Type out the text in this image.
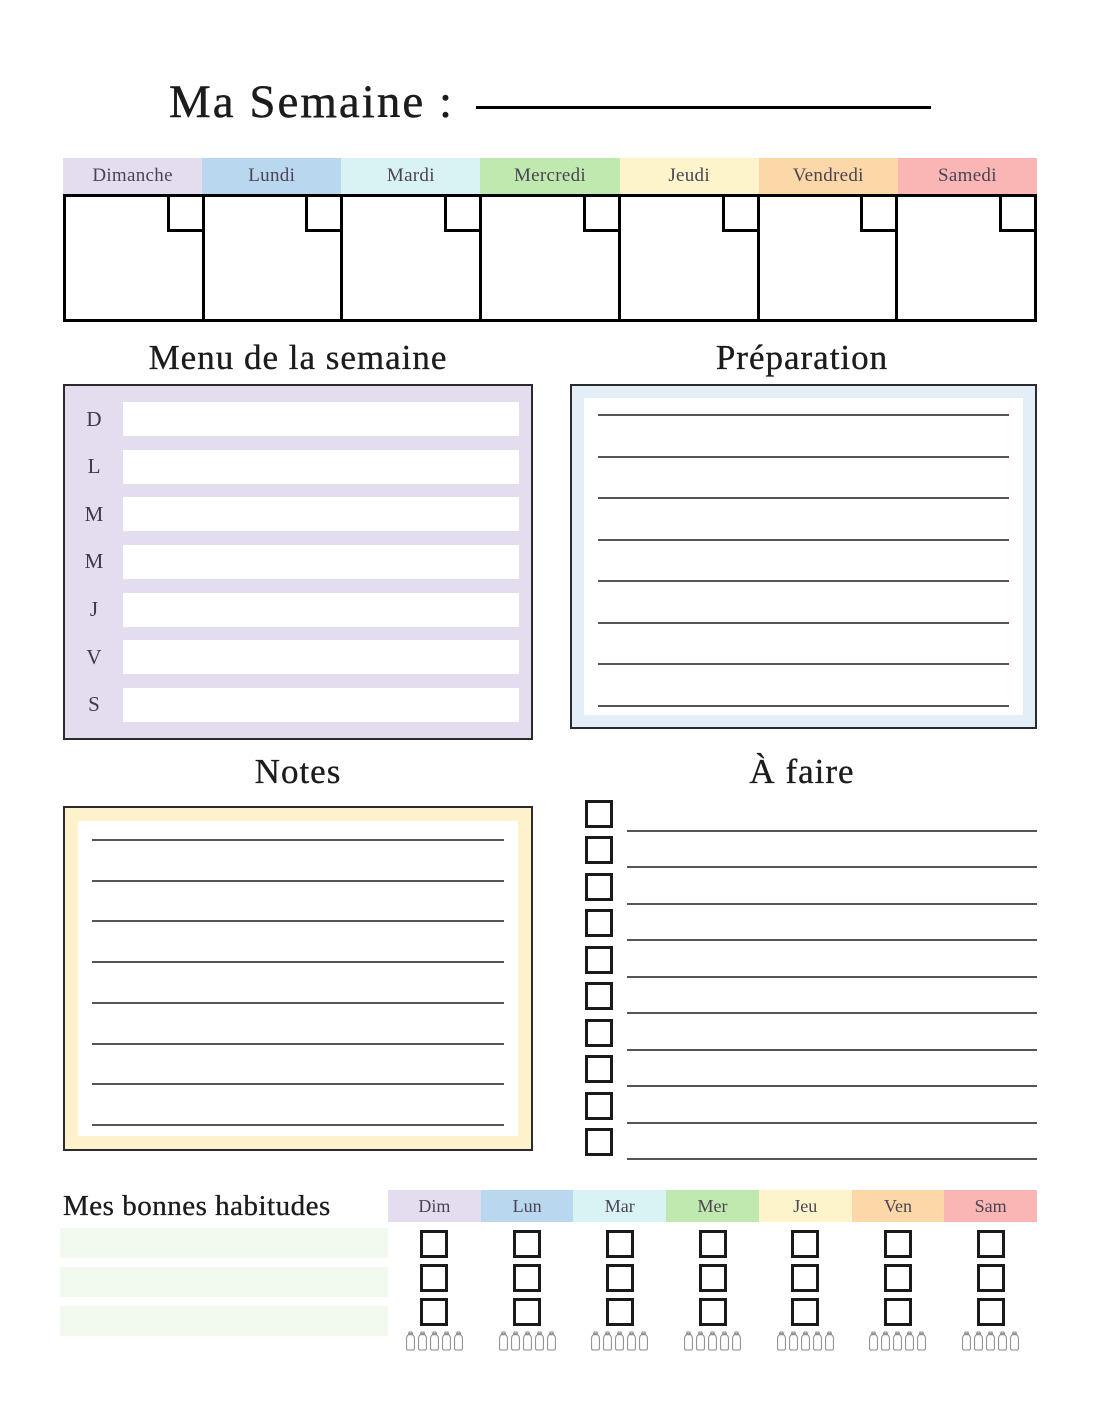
Ma Semaine :
Dimanche	Lundi	Mardi	Mercredi	Jeudi	Vendredi	Samedi
Menu de la semaine
D
L
M
M
J
V
S
Préparation
Notes	À faire
Mes bonnes habitudes	Dim	Lun	Mar	Mer	Jeu	Ven	Sam
